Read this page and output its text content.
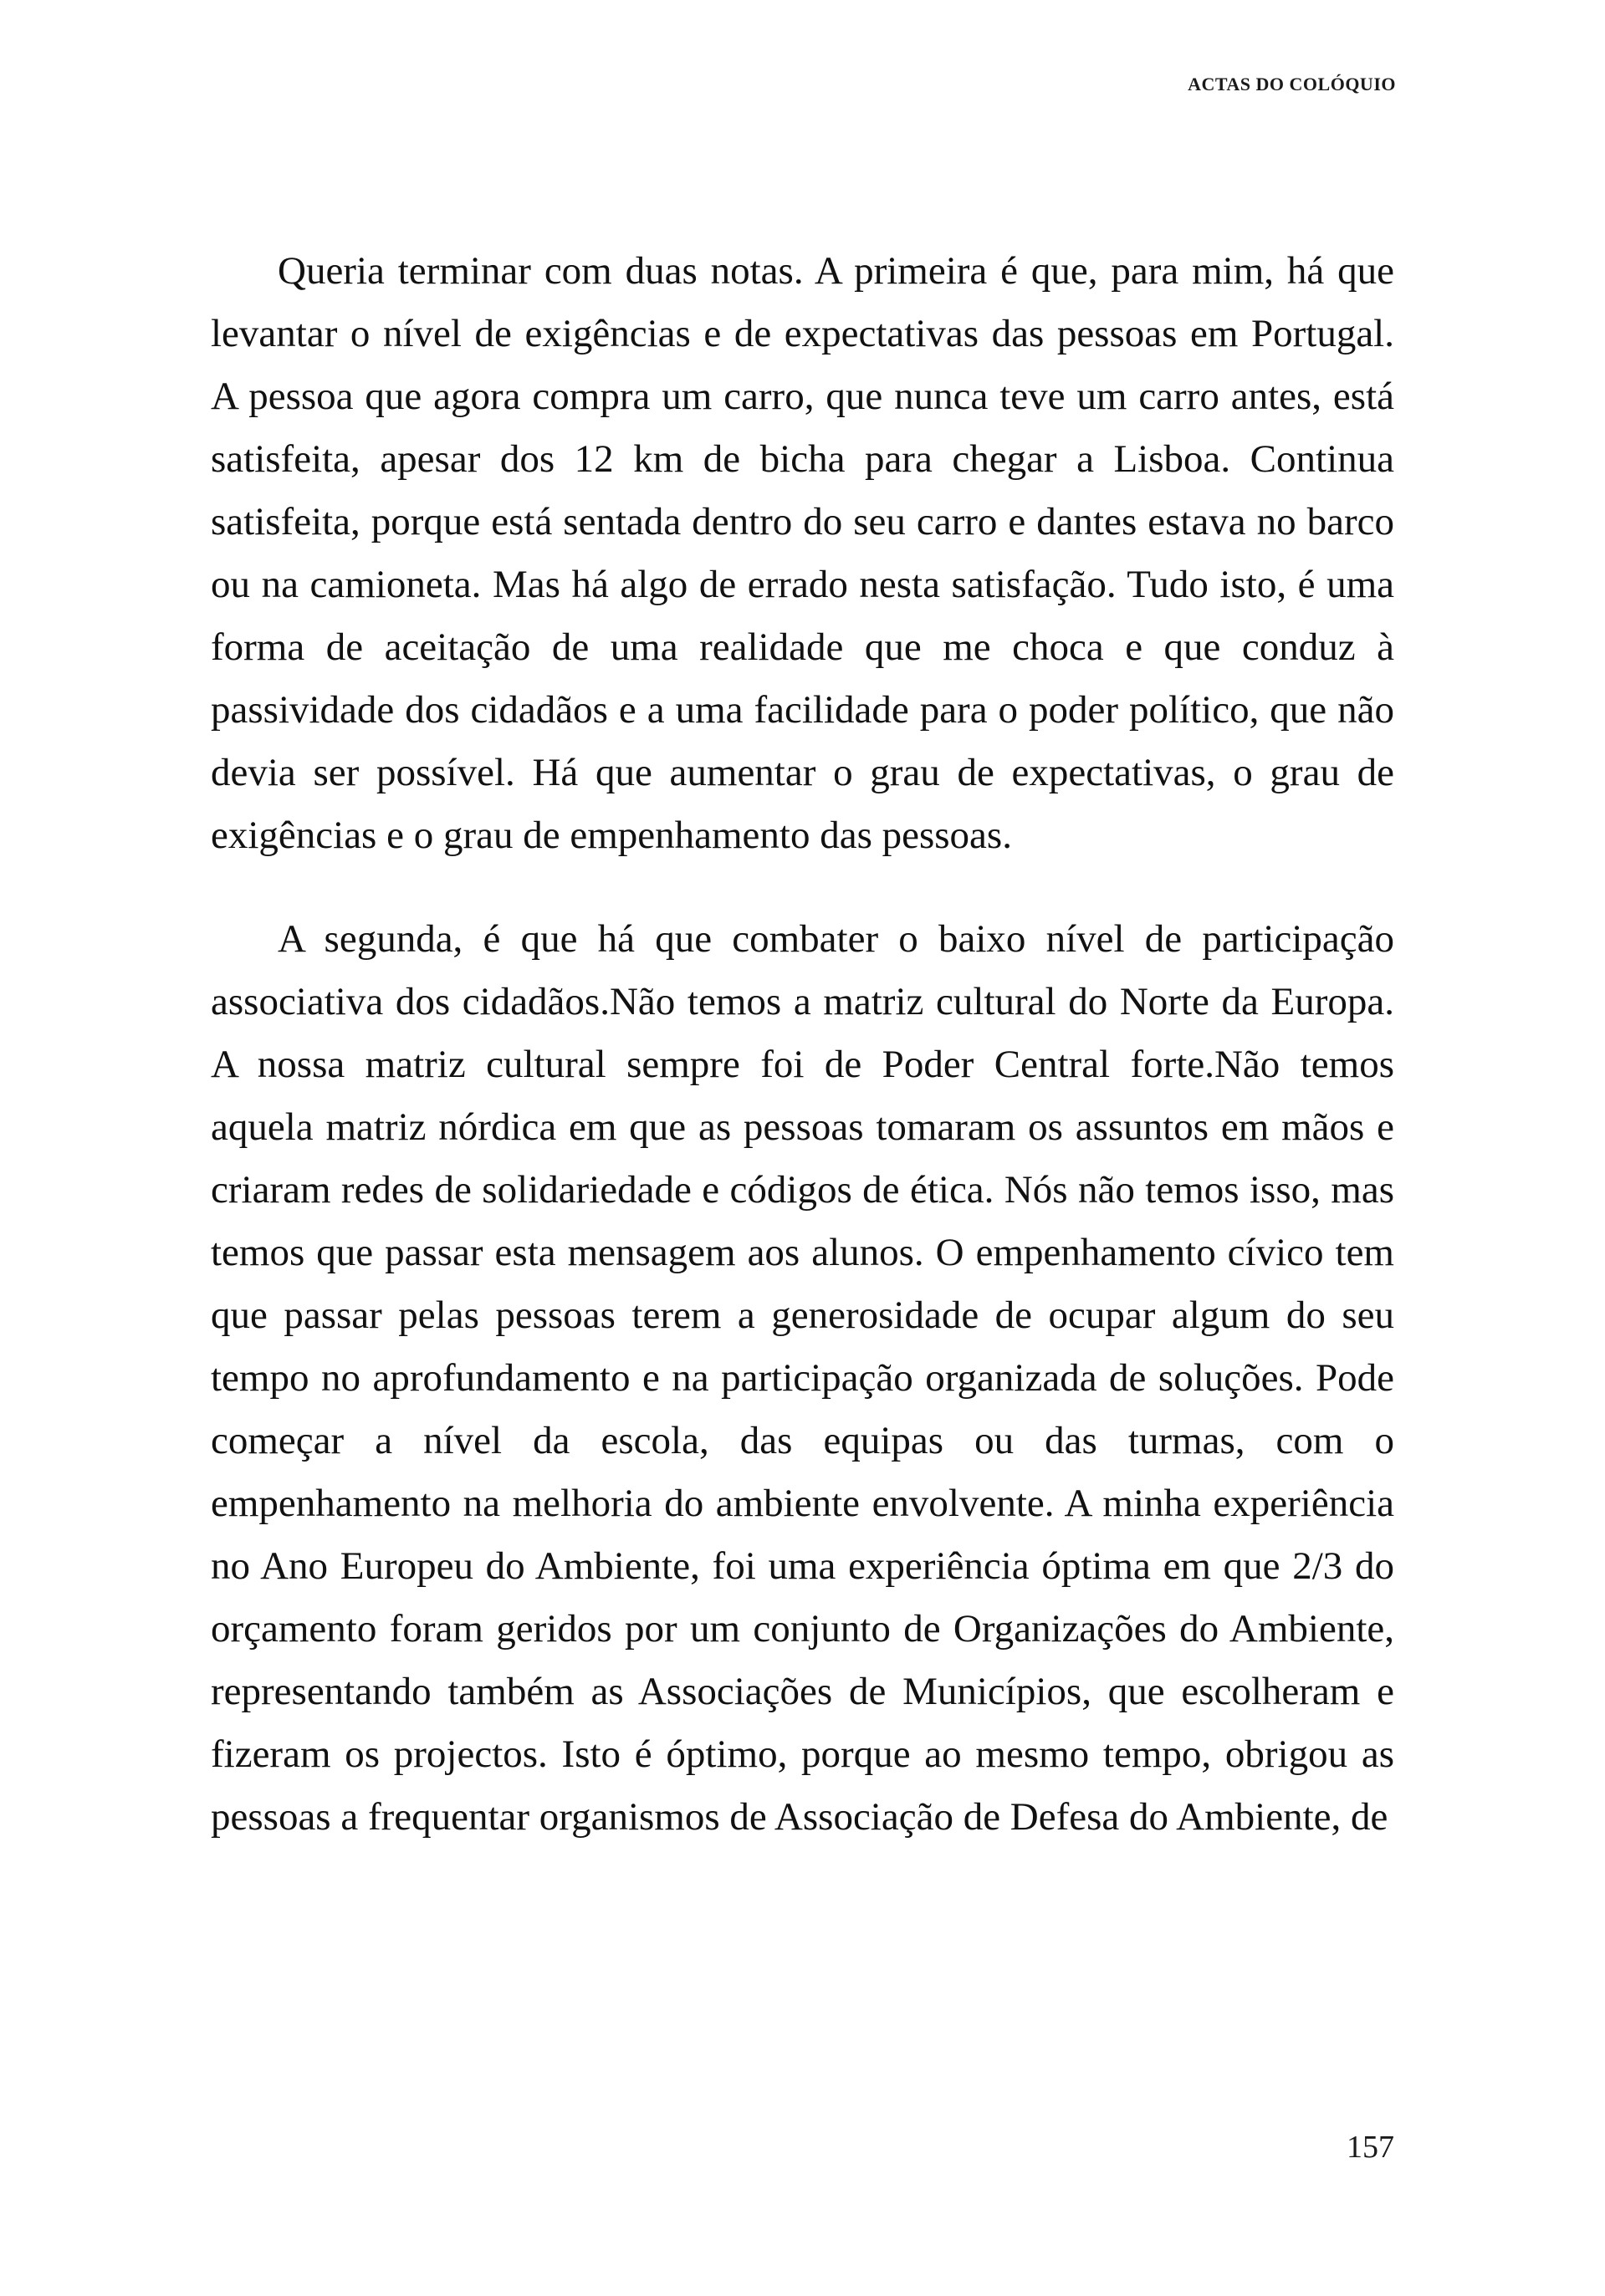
ACTAS DO COLÓQUIO

Queria terminar com duas notas. A primeira é que, para mim, há que levantar o nível de exigências e de expectativas das pessoas em Portugal. A pessoa que agora compra um carro, que nunca teve um carro antes, está satisfeita, apesar dos 12 km de bicha para chegar a Lisboa. Continua satisfeita, porque está sentada dentro do seu carro e dantes estava no barco ou na camioneta. Mas há algo de errado nesta satisfação. Tudo isto, é uma forma de aceitação de uma realidade que me choca e que conduz à passividade dos cidadãos e a uma facilidade para o poder político, que não devia ser possível. Há que aumentar o grau de expectativas, o grau de exigências e o grau de empenhamento das pessoas.

A segunda, é que há que combater o baixo nível de participação associativa dos cidadãos.Não temos a matriz cultural do Norte da Europa. A nossa matriz cultural sempre foi de Poder Central forte.Não temos aquela matriz nórdica em que as pessoas tomaram os assuntos em mãos e criaram redes de solidariedade e códigos de ética. Nós não temos isso, mas temos que passar esta mensagem aos alunos. O empenhamento cívico tem que passar pelas pessoas terem a generosidade de ocupar algum do seu tempo no aprofundamento e na participação organizada de soluções. Pode começar a nível da escola, das equipas ou das turmas, com o empenhamento na melhoria do ambiente envolvente. A minha experiência no Ano Europeu do Ambiente, foi uma experiência óptima em que 2/3 do orçamento foram geridos por um conjunto de Organizações do Ambiente, representando também as Associações de Municípios, que escolheram e fizeram os projectos. Isto é óptimo, porque ao mesmo tempo, obrigou as pessoas a frequentar organismos de Associação de Defesa do Ambiente, de

157
